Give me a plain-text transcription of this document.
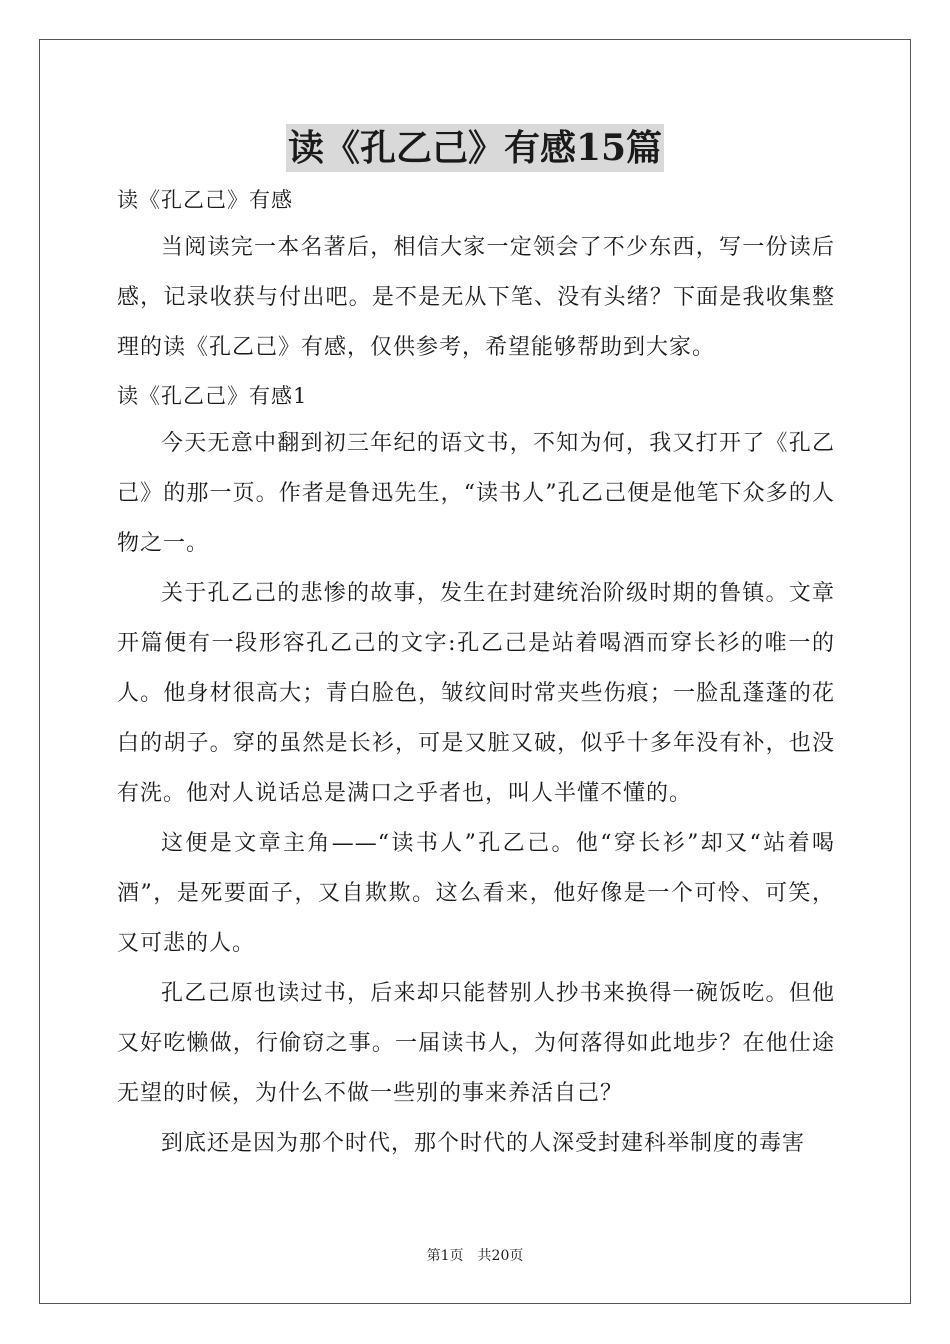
读《孔乙己》有感15篇

读《孔乙己》有感

当阅读完一本名著后，相信大家一定领会了不少东西，写一份读后感，记录收获与付出吧。是不是无从下笔、没有头绪？下面是我收集整理的读《孔乙己》有感，仅供参考，希望能够帮助到大家。

读《孔乙己》有感1

今天无意中翻到初三年纪的语文书，不知为何，我又打开了《孔乙己》的那一页。作者是鲁迅先生，“读书人”孔乙己便是他笔下众多的人物之一。

关于孔乙己的悲惨的故事，发生在封建统治阶级时期的鲁镇。文章开篇便有一段形容孔乙己的文字:孔乙己是站着喝酒而穿长衫的唯一的人。他身材很高大；青白脸色，皱纹间时常夹些伤痕；一脸乱蓬蓬的花白的胡子。穿的虽然是长衫，可是又脏又破，似乎十多年没有补，也没有洗。他对人说话总是满口之乎者也，叫人半懂不懂的。

这便是文章主角——“读书人”孔乙己。他“穿长衫”却又“站着喝酒”，是死要面子，又自欺欺。这么看来，他好像是一个可怜、可笑，又可悲的人。

孔乙己原也读过书，后来却只能替别人抄书来换得一碗饭吃。但他又好吃懒做，行偷窃之事。一届读书人，为何落得如此地步？在他仕途无望的时候，为什么不做一些别的事来养活自己？

到底还是因为那个时代，那个时代的人深受封建科举制度的毒害

第1页　共20页
